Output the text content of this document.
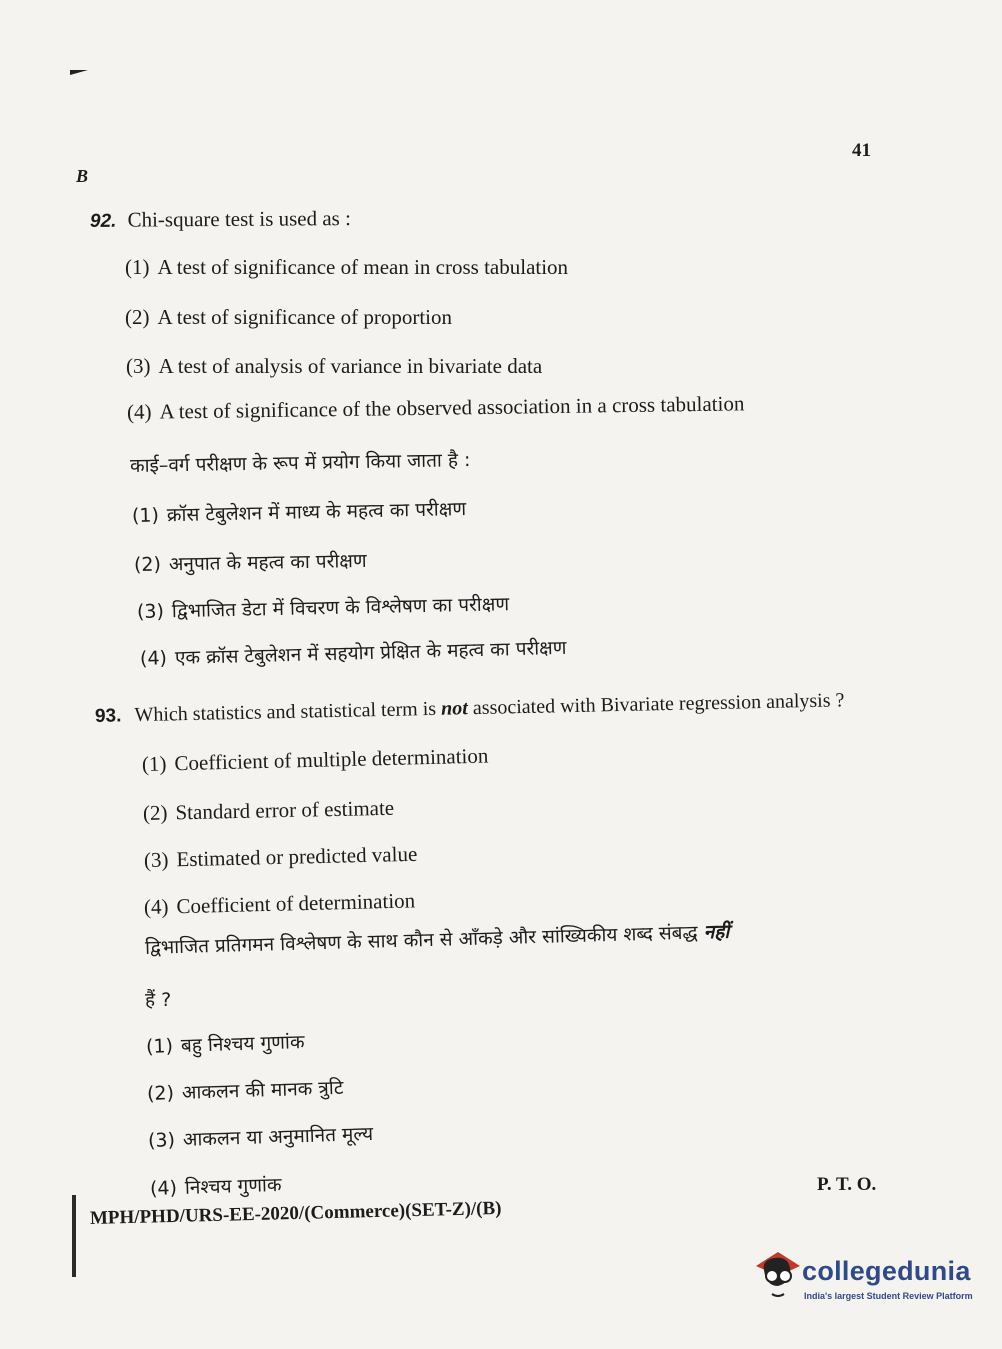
41
B
92. Chi-square test is used as :
(1) A test of significance of mean in cross tabulation
(2) A test of significance of proportion
(3) A test of analysis of variance in bivariate data
(4) A test of significance of the observed association in a cross tabulation
काई–वर्ग परीक्षण के रूप में प्रयोग किया जाता है :
(1) क्रॉस टेबुलेशन में माध्य के महत्व का परीक्षण
(2) अनुपात के महत्व का परीक्षण
(3) द्विभाजित डेटा में विचरण के विश्लेषण का परीक्षण
(4) एक क्रॉस टेबुलेशन में सहयोग प्रेक्षित के महत्व का परीक्षण
93. Which statistics and statistical term is not associated with Bivariate regression analysis ?
(1) Coefficient of multiple determination
(2) Standard error of estimate
(3) Estimated or predicted value
(4) Coefficient of determination
द्विभाजित प्रतिगमन विश्लेषण के साथ कौन से आँकड़े और सांख्यिकीय शब्द संबद्ध नहीं
हैं ?
(1) बहु निश्चय गुणांक
(2) आकलन की मानक त्रुटि
(3) आकलन या अनुमानित मूल्य
(4) निश्चय गुणांक	P. T. O.
MPH/PHD/URS-EE-2020/(Commerce)(SET-Z)/(B)
collegedunia
India's largest Student Review Platform
